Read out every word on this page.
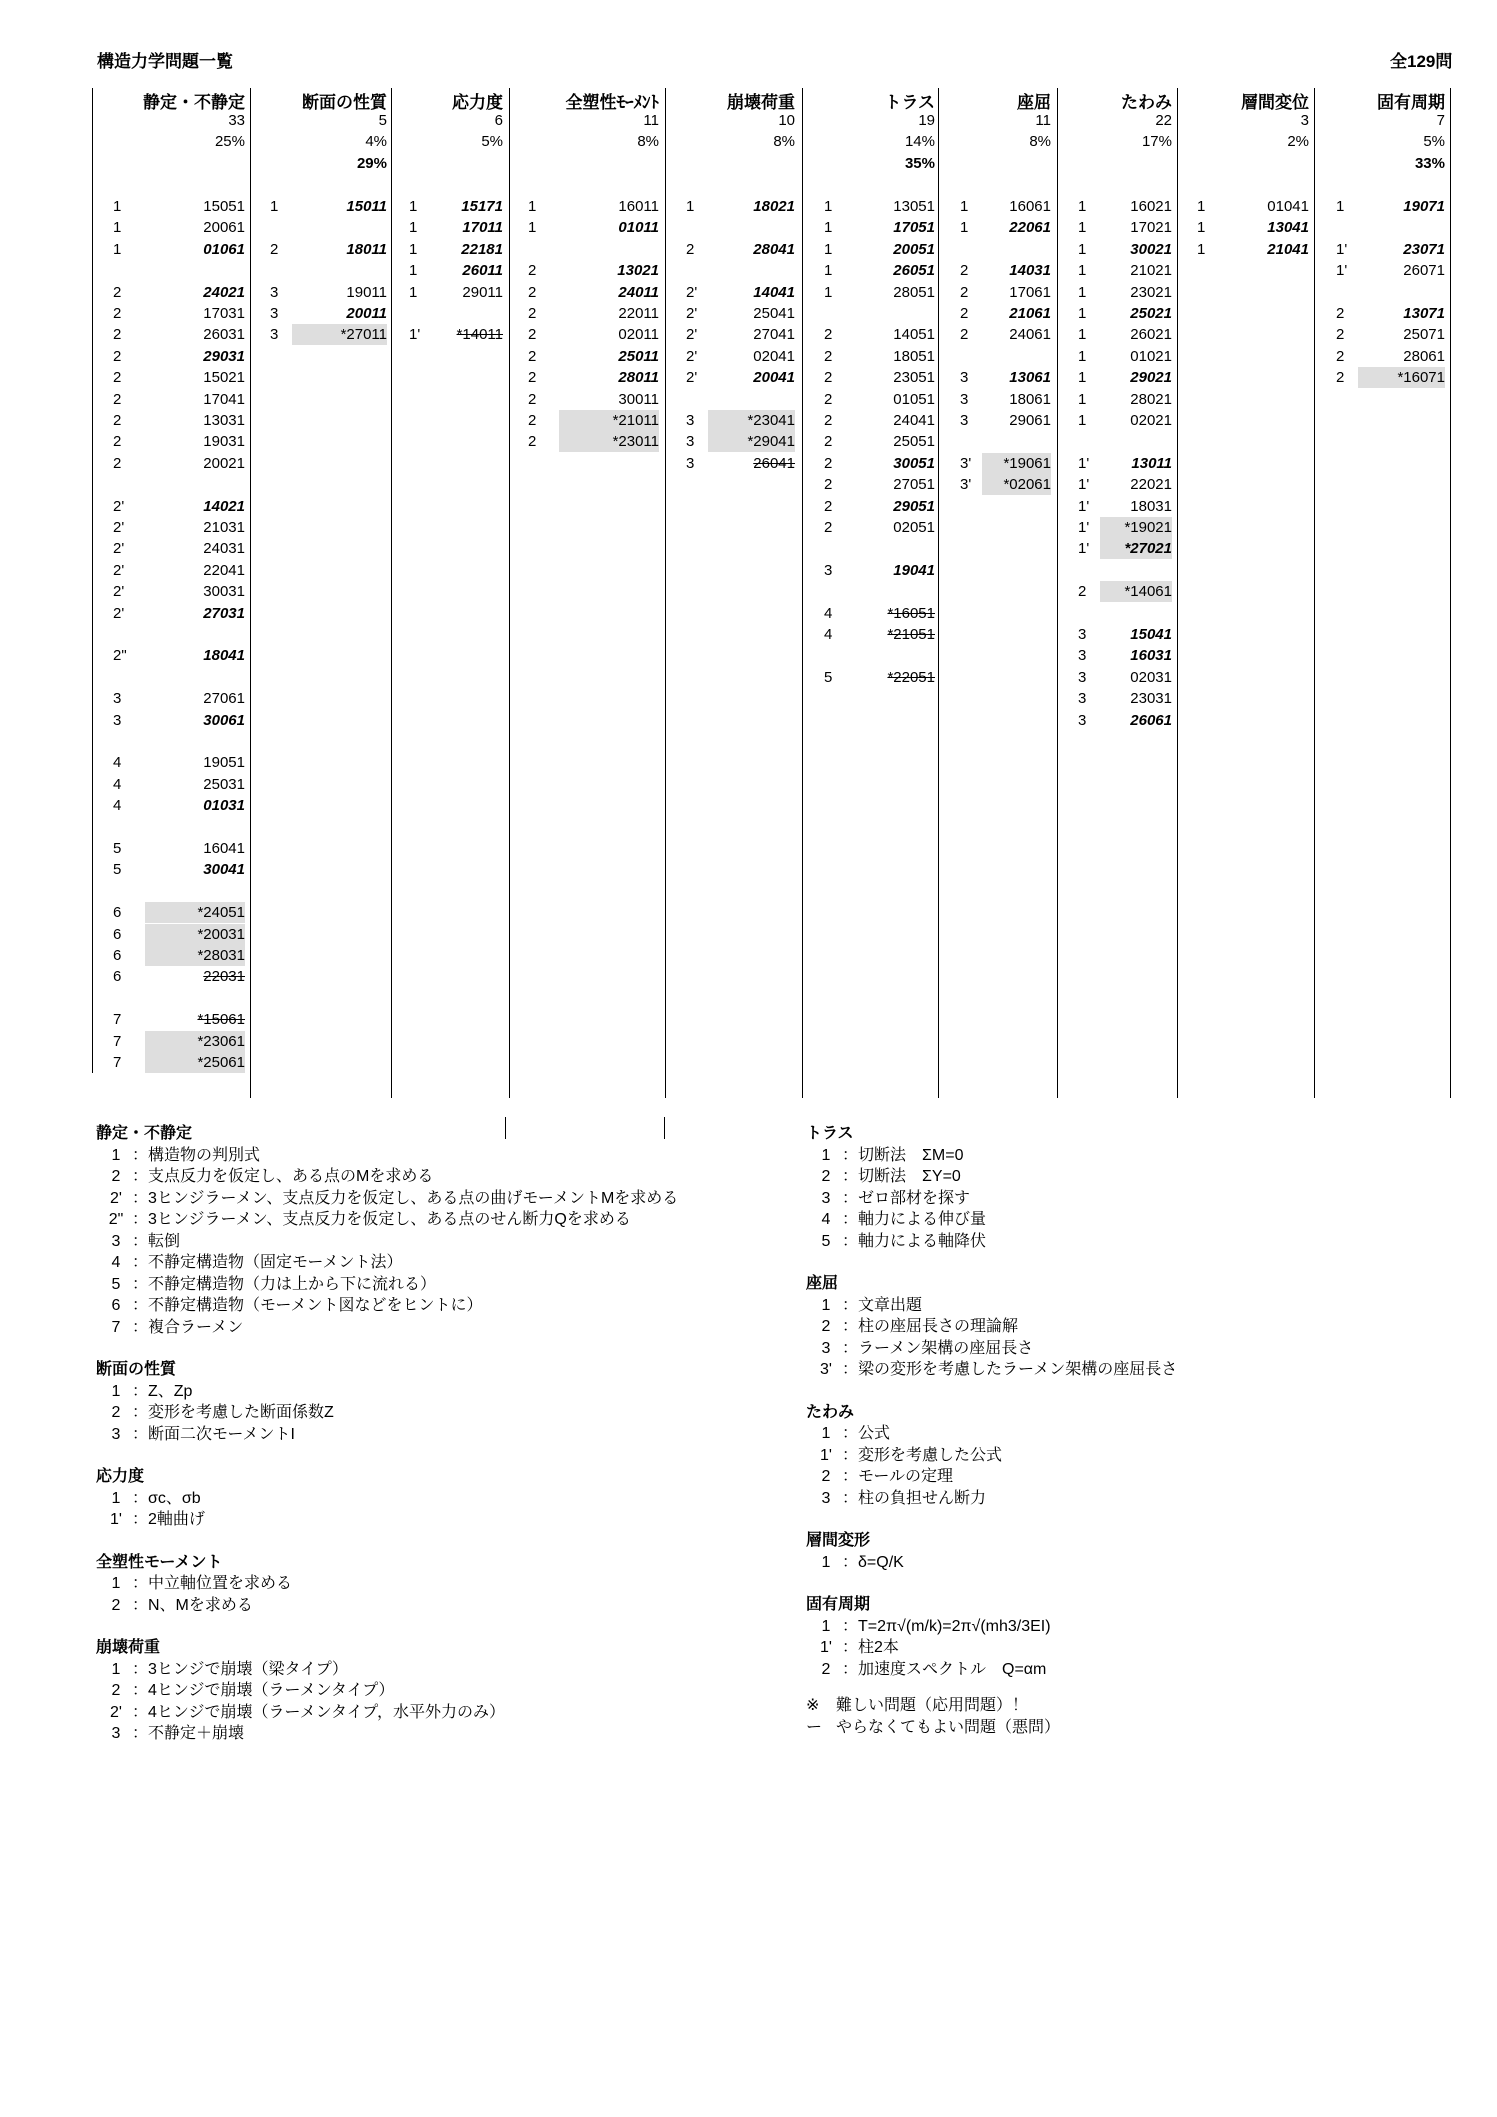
構造力学問題一覧	全129問
静定・不静定
33
25%
1	15051
1	20061
1	01061
2	24021
2	17031
2	26031
2	29031
2	15021
2	17041
2	13031
2	19031
2	20021
2'	14021
2'	21031
2'	24031
2'	22041
2'	30031
2'	27031
2"	18041
3	27061
3	30061
4	19051
4	25031
4	01031
5	16041
5	30041
6	*24051
6	*20031
6	*28031
6	22031
7	*15061
7	*23061
7	*25061
断面の性質
5
4%
29%
1	15011
2	18011
3	19011
3	20011
3	*27011
応力度
6
5%
1	15171
1	17011
1	22181
1	26011
1	29011
1' *14011
全塑性ﾓｰﾒﾝﾄ
11
8%
1	16011
1	01011
2	13021
2	24011
2	22011
2	02011
2	25011
2	28011
2	30011
2	*21011
2	*23011
崩壊荷重
10
8%
1	18021
2	28041
2'	14041
2'	25041
2'	27041
2'	02041
2'	20041
3	*23041
3	*29041
3	26041
トラス
19
14%
35%
1	13051
1	17051
1	20051
1	26051
1	28051
2	14051
2	18051
2	23051
2	01051
2	24041
2	25051
2	30051
2	27051
2	29051
2	02051
3	19041
4	*16051
4	*21051
5	*22051
座屈
11
8%
1	16061
1	22061
2	14031
2	17061
2	21061
2	24061
3	13061
3	18061
3	29061
3'	*19061
3'	*02061
たわみ
22
17%
1	16021
1	17021
1	30021
1	21021
1	23021
1	25021
1	26021
1	01021
1	29021
1	28021
1	02021
1'	13011
1'	22021
1'	18031
1'	*19021
1'	*27021
2	*14061
3	15041
3	16031
3	02031
3	23031
3	26061
層間変位
3
2%
1	01041
1	13041
1	21041
固有周期
7
5%
33%
1	19071
1'	23071
1'	26071
2	13071
2	25071
2	28061
2	*16071
静定・不静定
1 ：構造物の判別式
2 ：支点反力を仮定し、ある点のMを求める
2' ：3ヒンジラーメン、支点反力を仮定し、ある点の曲げモーメントMを求める
2" ：3ヒンジラーメン、支点反力を仮定し、ある点のせん断力Qを求める
3 ：転倒
4 ：不静定構造物（固定モーメント法）
5 ：不静定構造物（力は上から下に流れる）
6 ：不静定構造物（モーメント図などをヒントに）
7 ：複合ラーメン
断面の性質
1 ：Z、Zp
2 ：変形を考慮した断面係数Z
3 ：断面二次モーメントI
応力度
1 ：σc、σb
1' ：2軸曲げ
全塑性モーメント
1 ：中立軸位置を求める
2 ：N、Mを求める
崩壊荷重
1 ：3ヒンジで崩壊（梁タイプ）
2 ：4ヒンジで崩壊（ラーメンタイプ）
2' ：4ヒンジで崩壊（ラーメンタイプ，水平外力のみ）
3 ：不静定＋崩壊
トラス
1 ：切断法　ΣM=0
2 ：切断法　ΣY=0
3 ：ゼロ部材を探す
4 ：軸力による伸び量
5 ：軸力による軸降伏
座屈
1 ：文章出題
2 ：柱の座屈長さの理論解
3 ：ラーメン架構の座屈長さ
3' ：梁の変形を考慮したラーメン架構の座屈長さ
たわみ
1 ：公式
1' ：変形を考慮した公式
2 ：モールの定理
3 ：柱の負担せん断力
層間変形
1 ：δ=Q/K
固有周期
1 ：T=2π√(m/k)=2π√(mh3/3EI)
1' ：柱2本
2 ：加速度スペクトル　Q=αm
※ 難しい問題（応用問題）！
ー やらなくてもよい問題（悪問）
